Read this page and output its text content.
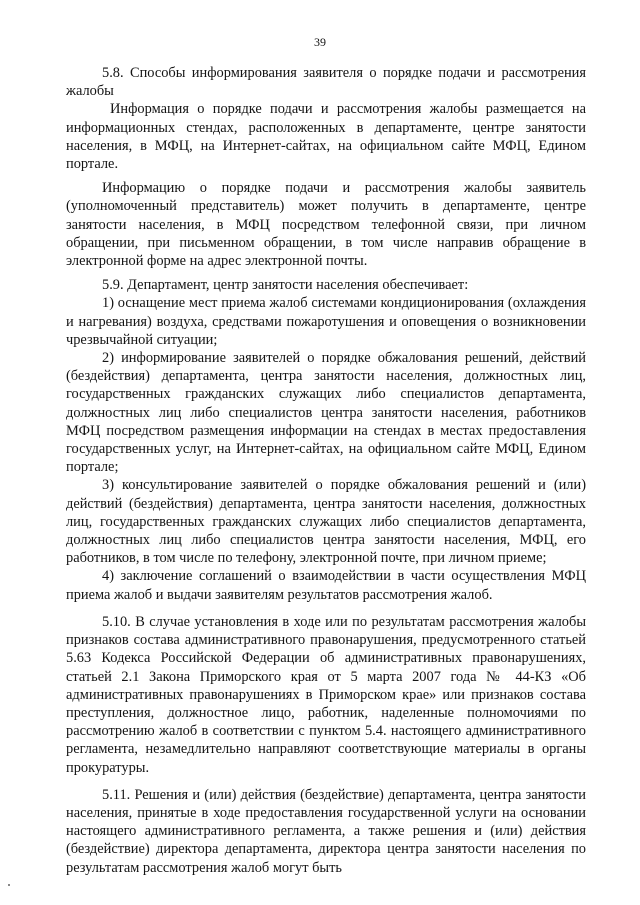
39

5.8. Способы информирования заявителя о порядке подачи и рассмотрения жалобы

Информация о порядке подачи и рассмотрения жалобы размещается на информационных стендах, расположенных в департаменте, центре занятости населения, в МФЦ, на Интернет-сайтах, на официальном сайте МФЦ, Едином портале.

Информацию о порядке подачи и рассмотрения жалобы заявитель (уполномоченный представитель) может получить в департаменте, центре занятости населения, в МФЦ посредством телефонной связи, при личном обращении, при письменном обращении, в том числе направив обращение в электронной форме на адрес электронной почты.

5.9. Департамент, центр занятости населения обеспечивает:

1) оснащение мест приема жалоб системами кондиционирования (охлаждения и нагревания) воздуха, средствами пожаротушения и оповещения о возникновении чрезвычайной ситуации;

2) информирование заявителей о порядке обжалования решений, действий (бездействия) департамента, центра занятости населения, должностных лиц, государственных гражданских служащих либо специалистов департамента, должностных лиц либо специалистов центра занятости населения, работников МФЦ посредством размещения информации на стендах в местах предоставления государственных услуг, на Интернет-сайтах, на официальном сайте МФЦ, Едином портале;

3) консультирование заявителей о порядке обжалования решений и (или) действий (бездействия) департамента, центра занятости населения, должностных лиц, государственных гражданских служащих либо специалистов департамента, должностных лиц либо специалистов центра занятости населения, МФЦ, его работников, в том числе по телефону, электронной почте, при личном приеме;

4) заключение соглашений о взаимодействии в части осуществления МФЦ приема жалоб и выдачи заявителям результатов рассмотрения жалоб.

5.10. В случае установления в ходе или по результатам рассмотрения жалобы признаков состава административного правонарушения, предусмотренного статьей 5.63 Кодекса Российской Федерации об административных правонарушениях, статьей 2.1 Закона Приморского края от 5 марта 2007 года № 44-КЗ «Об административных правонарушениях в Приморском крае» или признаков состава преступления, должностное лицо, работник, наделенные полномочиями по рассмотрению жалоб в соответствии с пунктом 5.4. настоящего административного регламента, незамедлительно направляют соответствующие материалы в органы прокуратуры.

5.11. Решения и (или) действия (бездействие) департамента, центра занятости населения, принятые в ходе предоставления государственной услуги на основании настоящего административного регламента, а также решения и (или) действия (бездействие) директора департамента, директора центра занятости населения по результатам рассмотрения жалоб могут быть
